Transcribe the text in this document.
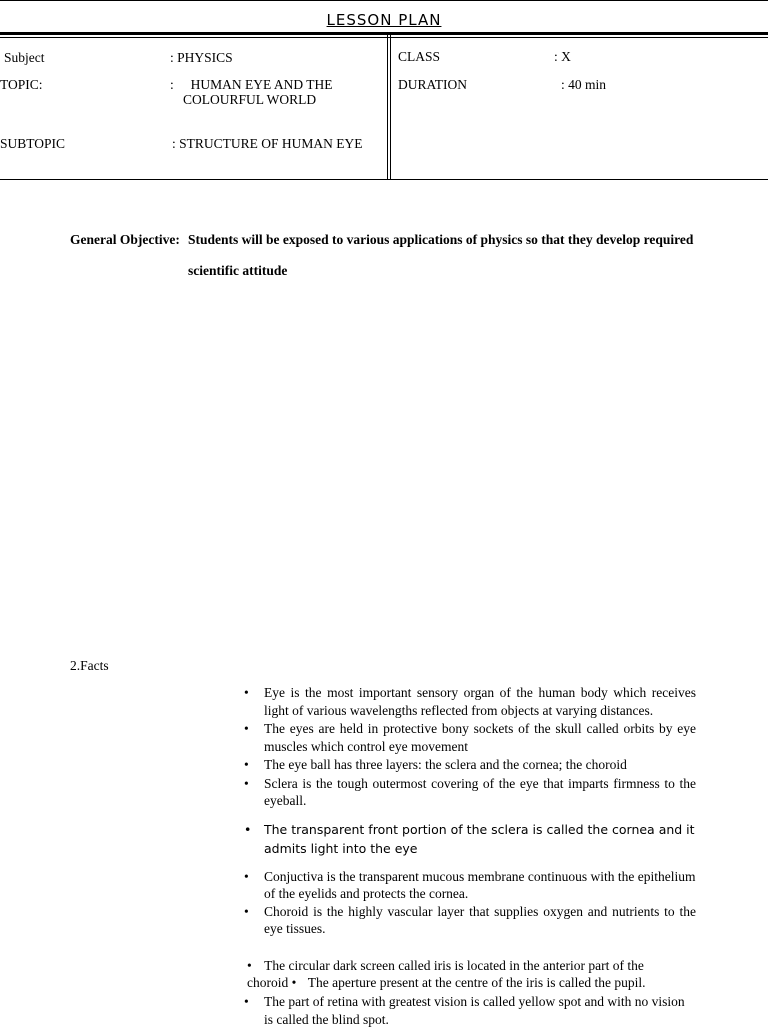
LESSON PLAN
Subject	: PHYSICS
TOPIC:	:     HUMAN EYE AND THE
COLOURFUL WORLD
SUBTOPIC	: STRUCTURE OF HUMAN EYE
CLASS	: X
DURATION	: 40 min
General Objective: Students will be exposed to various applications of physics so that they develop required
scientific attitude
2.Facts
• Eye is the most important sensory organ of the human body which receives light of various wavelengths reflected from objects at varying distances.
• The eyes are held in protective bony sockets of the skull called orbits by eye muscles which control eye movement
• The eye ball has three layers: the sclera and the cornea; the choroid
• Sclera is the tough outermost covering of the eye that imparts firmness to the eyeball.
• The transparent front portion of the sclera is called the cornea and it admits light into the eye
• Conjuctiva is the transparent mucous membrane continuous with the epithelium of the eyelids and protects the cornea.
• Choroid is the highly vascular layer that supplies oxygen and nutrients to the eye tissues.
• The circular dark screen called iris is located in the anterior part of the
choroid • The aperture present at the centre of the iris is called the pupil.
• The part of retina with greatest vision is called yellow spot and with no vision is called the blind spot.
